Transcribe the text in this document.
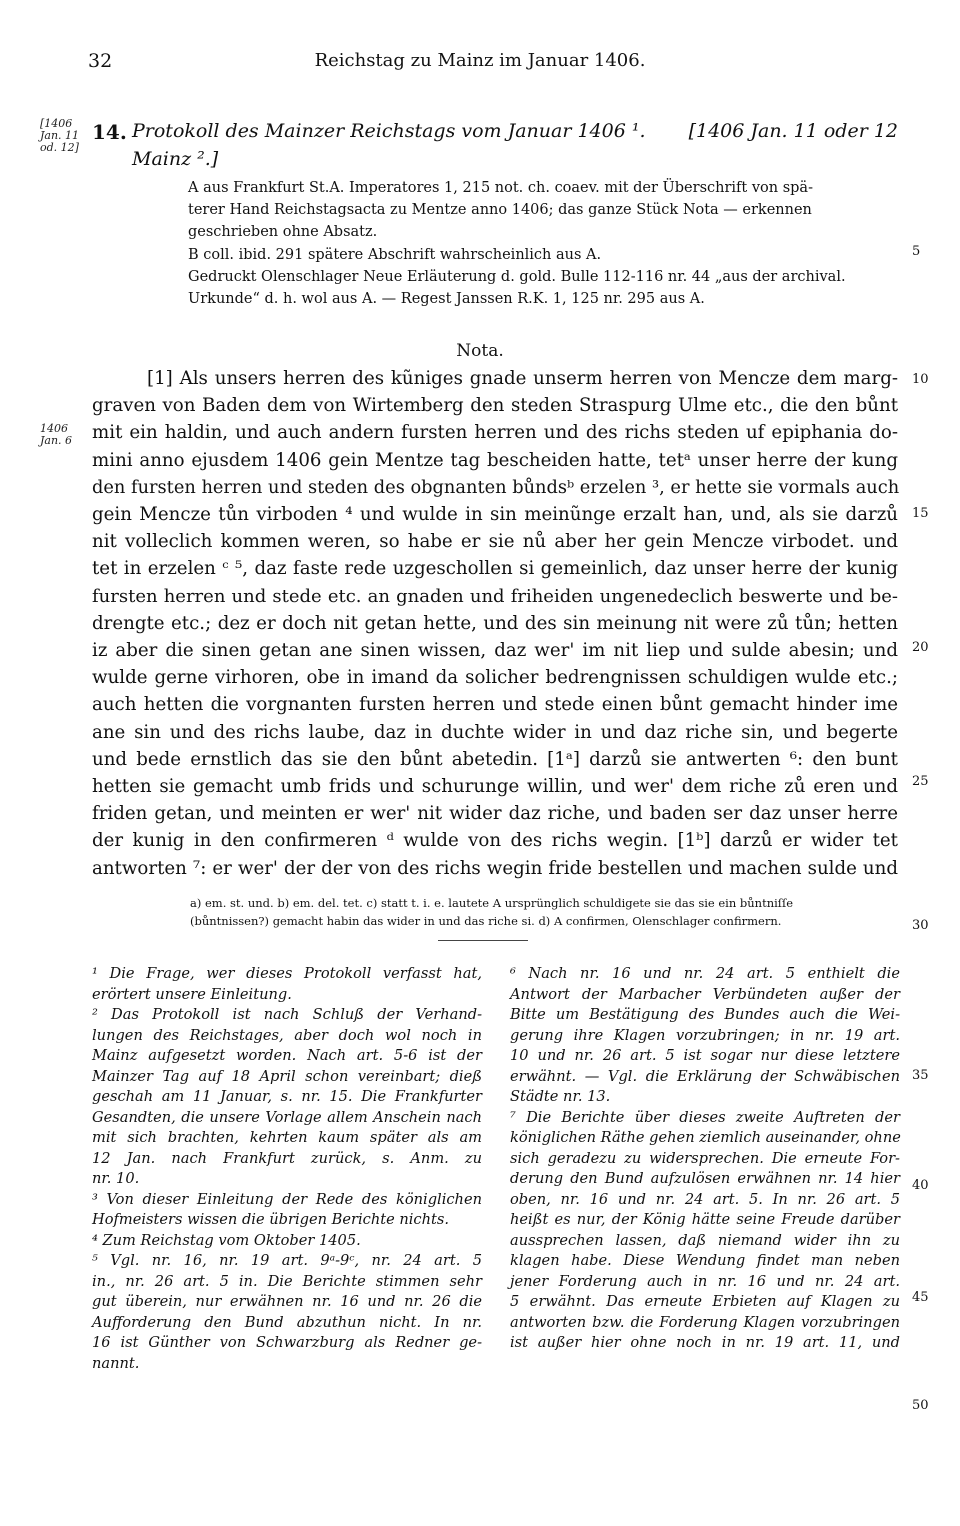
32	Reichstag zu Mainz im Januar 1406.
[1406
Jan. 11
od. 12]
14. Protokoll des Mainzer Reichstags vom Januar 1406 ¹. [1406 Jan. 11 oder 12
Mainz ².]
A aus Frankfurt St.A. Imperatores 1, 215 not. ch. coaev. mit der Überschrift von spä-
terer Hand Reichstagsacta zu Mentze anno 1406; das ganze Stück Nota — erkennen
geschrieben ohne Absatz.
B coll. ibid. 291 spätere Abschrift wahrscheinlich aus A.
Gedruckt Olenschlager Neue Erläuterung d. gold. Bulle 112-116 nr. 44 „aus der archival.
Urkunde“ d. h. wol aus A. — Regest Janssen R.K. 1, 125 nr. 295 aus A.
Nota.
1406
Jan. 6
[1] Als unsers herren des kũniges gnade unserm herren von Mencze dem marg-
graven von Baden dem von Wirtemberg den steden Straspurg Ulme etc., die den bůnt
mit ein haldin, und auch andern fursten herren und des richs steden uf epiphania do-
mini anno ejusdem 1406 gein Mentze tag bescheiden hatte, tetᵃ unser herre der kung
den fursten herren und steden des obgnanten bůndsᵇ erzelen ³, er hette sie vormals auch
gein Mencze tůn virboden ⁴ und wulde in sin meinũnge erzalt han, und, als sie darzů
nit volleclich kommen weren, so habe er sie nů aber her gein Mencze virbodet. und
tet in erzelen ᶜ ⁵, daz faste rede uzgeschollen si gemeinlich, daz unser herre der kunig
fursten herren und stede etc. an gnaden und friheiden ungenedeclich beswerte und be-
drengte etc.; dez er doch nit getan hette, und des sin meinung nit were zů tůn; hetten
iz aber die sinen getan ane sinen wissen, daz wer' im nit liep und sulde abesin; und
wulde gerne virhoren, obe in imand da solicher bedrengnissen schuldigen wulde etc.;
auch hetten die vorgnanten fursten herren und stede einen bůnt gemacht hinder ime
ane sin und des richs laube, daz in duchte wider in und daz riche sin, und begerte
und bede ernstlich das sie den bůnt abetedin. [1ᵃ] darzů sie antwerten ⁶: den bunt
hetten sie gemacht umb frids und schurunge willin, und wer' dem riche zů eren und
friden getan, und meinten er wer' nit wider daz riche, und baden ser daz unser herre
der kunig in den confirmeren ᵈ wulde von des richs wegin. [1ᵇ] darzů er wider tet
antworten ⁷: er wer' der der von des richs wegin fride bestellen und machen sulde und
a) em. st. und. b) em. del. tet. c) statt t. i. e. lautete A ursprünglich schuldigete sie das sie ein bůntniſſe
(bůntnissen?) gemacht habin das wider in und das riche si. d) A confirmen, Olenschlager confirmern.
¹ Die Frage, wer dieses Protokoll verfasst hat,
erörtert unsere Einleitung.
² Das Protokoll ist nach Schluß der Verhand-
lungen des Reichstages, aber doch wol noch in
Mainz aufgesetzt worden. Nach art. 5-6 ist der
Mainzer Tag auf 18 April schon vereinbart; dieß
geschah am 11 Januar, s. nr. 15. Die Frankfurter
Gesandten, die unsere Vorlage allem Anschein nach
mit sich brachten, kehrten kaum später als am
12 Jan. nach Frankfurt zurück, s. Anm. zu
nr. 10.
³ Von dieser Einleitung der Rede des königlichen
Hofmeisters wissen die übrigen Berichte nichts.
⁴ Zum Reichstag vom Oktober 1405.
⁵ Vgl. nr. 16, nr. 19 art. 9ᵃ-9ᶜ, nr. 24 art. 5
in., nr. 26 art. 5 in. Die Berichte stimmen sehr
gut überein, nur erwähnen nr. 16 und nr. 26 die
Aufforderung den Bund abzuthun nicht. In nr.
16 ist Günther von Schwarzburg als Redner ge-
nannt.
⁶ Nach nr. 16 und nr. 24 art. 5 enthielt die
Antwort der Marbacher Verbündeten außer der
Bitte um Bestätigung des Bundes auch die Wei-
gerung ihre Klagen vorzubringen; in nr. 19 art.
10 und nr. 26 art. 5 ist sogar nur diese letztere
erwähnt. — Vgl. die Erklärung der Schwäbischen
Städte nr. 13.
⁷ Die Berichte über dieses zweite Auftreten der
königlichen Räthe gehen ziemlich auseinander, ohne
sich geradezu zu widersprechen. Die erneute For-
derung den Bund aufzulösen erwähnen nr. 14 hier
oben, nr. 16 und nr. 24 art. 5. In nr. 26 art. 5
heißt es nur, der König hätte seine Freude darüber
aussprechen lassen, daß niemand wider ihn zu
klagen habe. Diese Wendung findet man neben
jener Forderung auch in nr. 16 und nr. 24 art.
5 erwähnt. Das erneute Erbieten auf Klagen zu
antworten bzw. die Forderung Klagen vorzubringen
ist außer hier ohne noch in nr. 19 art. 11, und
5
10
15
20
25
30
35
40
45
50
